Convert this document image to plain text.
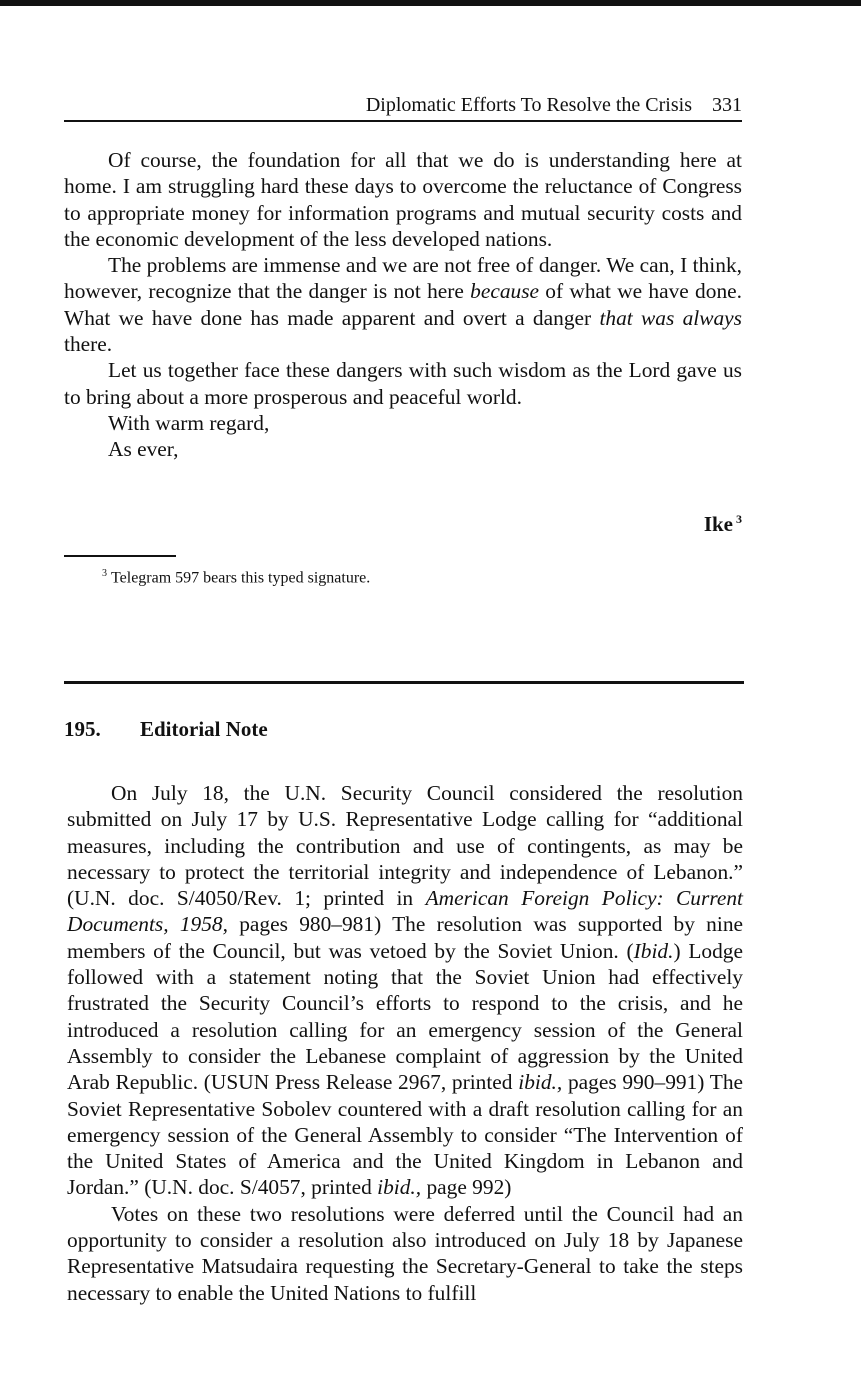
Diplomatic Efforts To Resolve the Crisis 331

Of course, the foundation for all that we do is understanding here at home. I am struggling hard these days to overcome the reluctance of Congress to appropriate money for information programs and mutual security costs and the economic development of the less developed nations.

The problems are immense and we are not free of danger. We can, I think, however, recognize that the danger is not here because of what we have done. What we have done has made apparent and overt a danger that was always there.

Let us together face these dangers with such wisdom as the Lord gave us to bring about a more prosperous and peaceful world.

With warm regard,
As ever,
Ike $^3$
$^3$ Telegram 597 bears this typed signature.
195. Editorial Note

On July 18, the U.N. Security Council considered the resolution submitted on July 17 by U.S. Representative Lodge calling for “additional measures, including the contribution and use of contingents, as may be necessary to protect the territorial integrity and independence of Lebanon.” (U.N. doc. S/4050/Rev. 1; printed in American Foreign Policy: Current Documents, 1958, pages 980–981) The resolution was supported by nine members of the Council, but was vetoed by the Soviet Union. (Ibid.) Lodge followed with a statement noting that the Soviet Union had effectively frustrated the Security Council’s efforts to respond to the crisis, and he introduced a resolution calling for an emergency session of the General Assembly to consider the Lebanese complaint of aggression by the United Arab Republic. (USUN Press Release 2967, printed ibid., pages 990–991) The Soviet Representative Sobolev countered with a draft resolution calling for an emergency session of the General Assembly to consider “The Intervention of the United States of America and the United Kingdom in Lebanon and Jordan.” (U.N. doc. S/4057, printed ibid., page 992)

Votes on these two resolutions were deferred until the Council had an opportunity to consider a resolution also introduced on July 18 by Japanese Representative Matsudaira requesting the Secretary-General to take the steps necessary to enable the United Nations to fulfill
